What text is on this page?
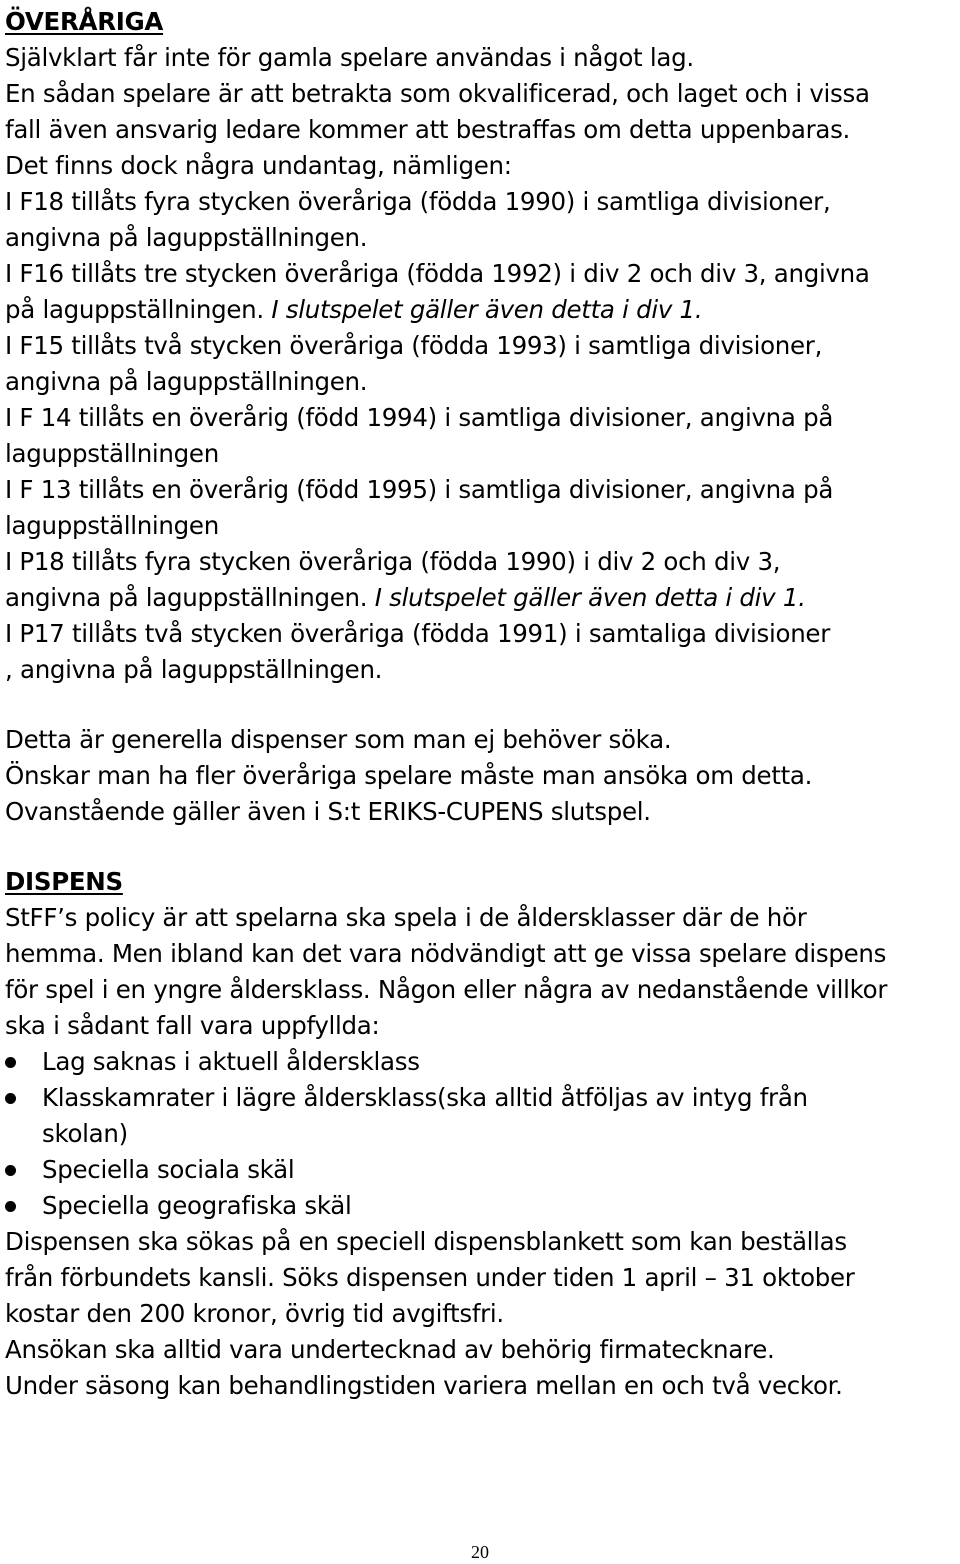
ÖVERÅRIGA
Självklart får inte för gamla spelare användas i något lag.
En sådan spelare är att betrakta som okvalificerad, och laget och i vissa
fall även ansvarig ledare kommer att bestraffas om detta uppenbaras.
Det finns dock några undantag, nämligen:
I F18 tillåts fyra stycken överåriga (födda 1990) i samtliga divisioner,
angivna på laguppställningen.
I F16 tillåts tre stycken överåriga (födda 1992) i div 2 och div 3, angivna
på laguppställningen. I slutspelet gäller även detta i div 1.
I F15 tillåts två stycken överåriga (födda 1993) i samtliga divisioner,
angivna på laguppställningen.
I F 14 tillåts en överårig (född 1994) i samtliga divisioner, angivna på
laguppställningen
I F 13 tillåts en överårig (född 1995) i samtliga divisioner, angivna på
laguppställningen
I P18 tillåts fyra stycken överåriga (födda 1990) i div 2 och div 3,
angivna på laguppställningen. I slutspelet gäller även detta i div 1.
I P17 tillåts två stycken överåriga (födda 1991) i samtaliga divisioner
, angivna på laguppställningen.
Detta är generella dispenser som man ej behöver söka.
Önskar man ha fler överåriga spelare måste man ansöka om detta.
Ovanstående gäller även i S:t ERIKS-CUPENS slutspel.
DISPENS
StFF’s policy är att spelarna ska spela i de åldersklasser där de hör
hemma. Men ibland kan det vara nödvändigt att ge vissa spelare dispens
för spel i en yngre åldersklass. Någon eller några av nedanstående villkor
ska i sådant fall vara uppfyllda:
Lag saknas i aktuell åldersklass
Klasskamrater i lägre åldersklass(ska alltid åtföljas av intyg från
skolan)
Speciella sociala skäl
Speciella geografiska skäl
Dispensen ska sökas på en speciell dispensblankett som kan beställas
från förbundets kansli. Söks dispensen under tiden 1 april – 31 oktober
kostar den 200 kronor, övrig tid avgiftsfri.
Ansökan ska alltid vara undertecknad av behörig firmatecknare.
Under säsong kan behandlingstiden variera mellan en och två veckor.
20
